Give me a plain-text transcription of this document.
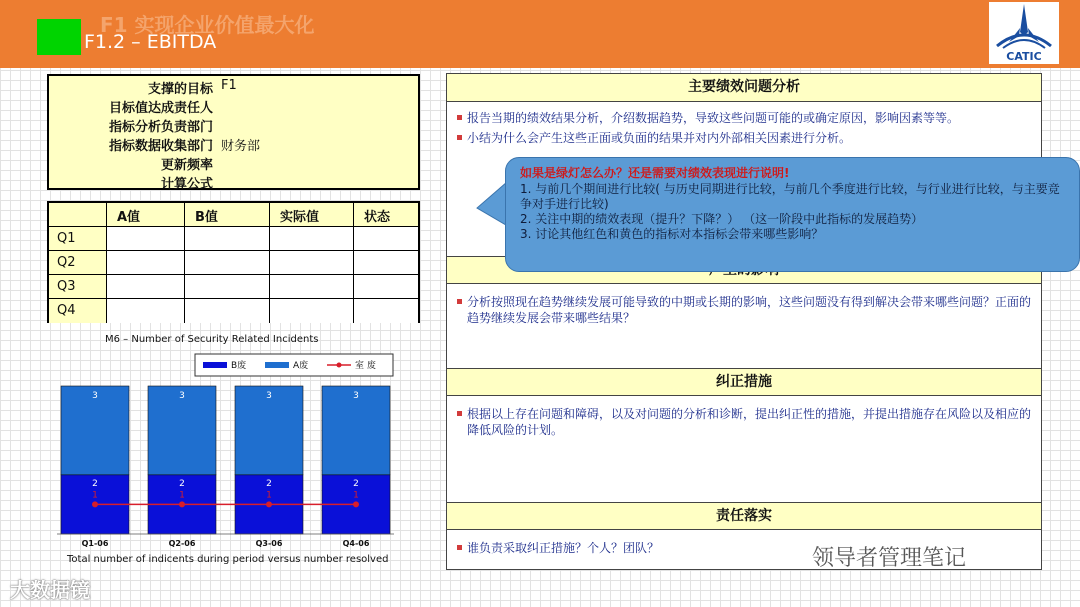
F1 实现企业价值最大化
F1.2 – EBITDA
CATIC
支撑的目标 F1
目标值达成责任人
指标分析负责部门
指标数据收集部门 财务部
更新频率
计算公式
A值	B值	实际值	状态
Q1
Q2
Q3
Q4
M6 – Number of Security Related Incidents
B废	A废	室 废
3
2
1
Q1-06
3
2
1
Q2-06
3
2
1
Q3-06
3
2
1
Q4-06
Total number of indicents during period versus number resolved
主要绩效问题分析
报告当期的绩效结果分析，介绍数据趋势，导致这些问题可能的或确定原因，影响因素等等。
小结为什么会产生这些正面或负面的结果并对内外部相关因素进行分析。
分析按照现在趋势继续发展可能导致的中期或长期的影响，这些问题没有得到解决会带来哪些问题？正面的趋势继续发展会带来哪些结果？
纠正措施
根据以上存在问题和障碍，以及对问题的分析和诊断，提出纠正性的措施，并提出措施存在风险以及相应的降低风险的计划。
责任落实
谁负责采取纠正措施？个人？团队？
如果是绿灯怎么办？还是需要对绩效表现进行说明!
1. 与前几个期间进行比较( 与历史同期进行比较，与前几个季度进行比较，与行业进行比较，与主要竞争对手进行比较)
2. 关注中期的绩效表现（提升？下降？） （这一阶段中此指标的发展趋势）
3. 讨论其他红色和黄色的指标对本指标会带来哪些影响？
大数据镜
领导者管理笔记
